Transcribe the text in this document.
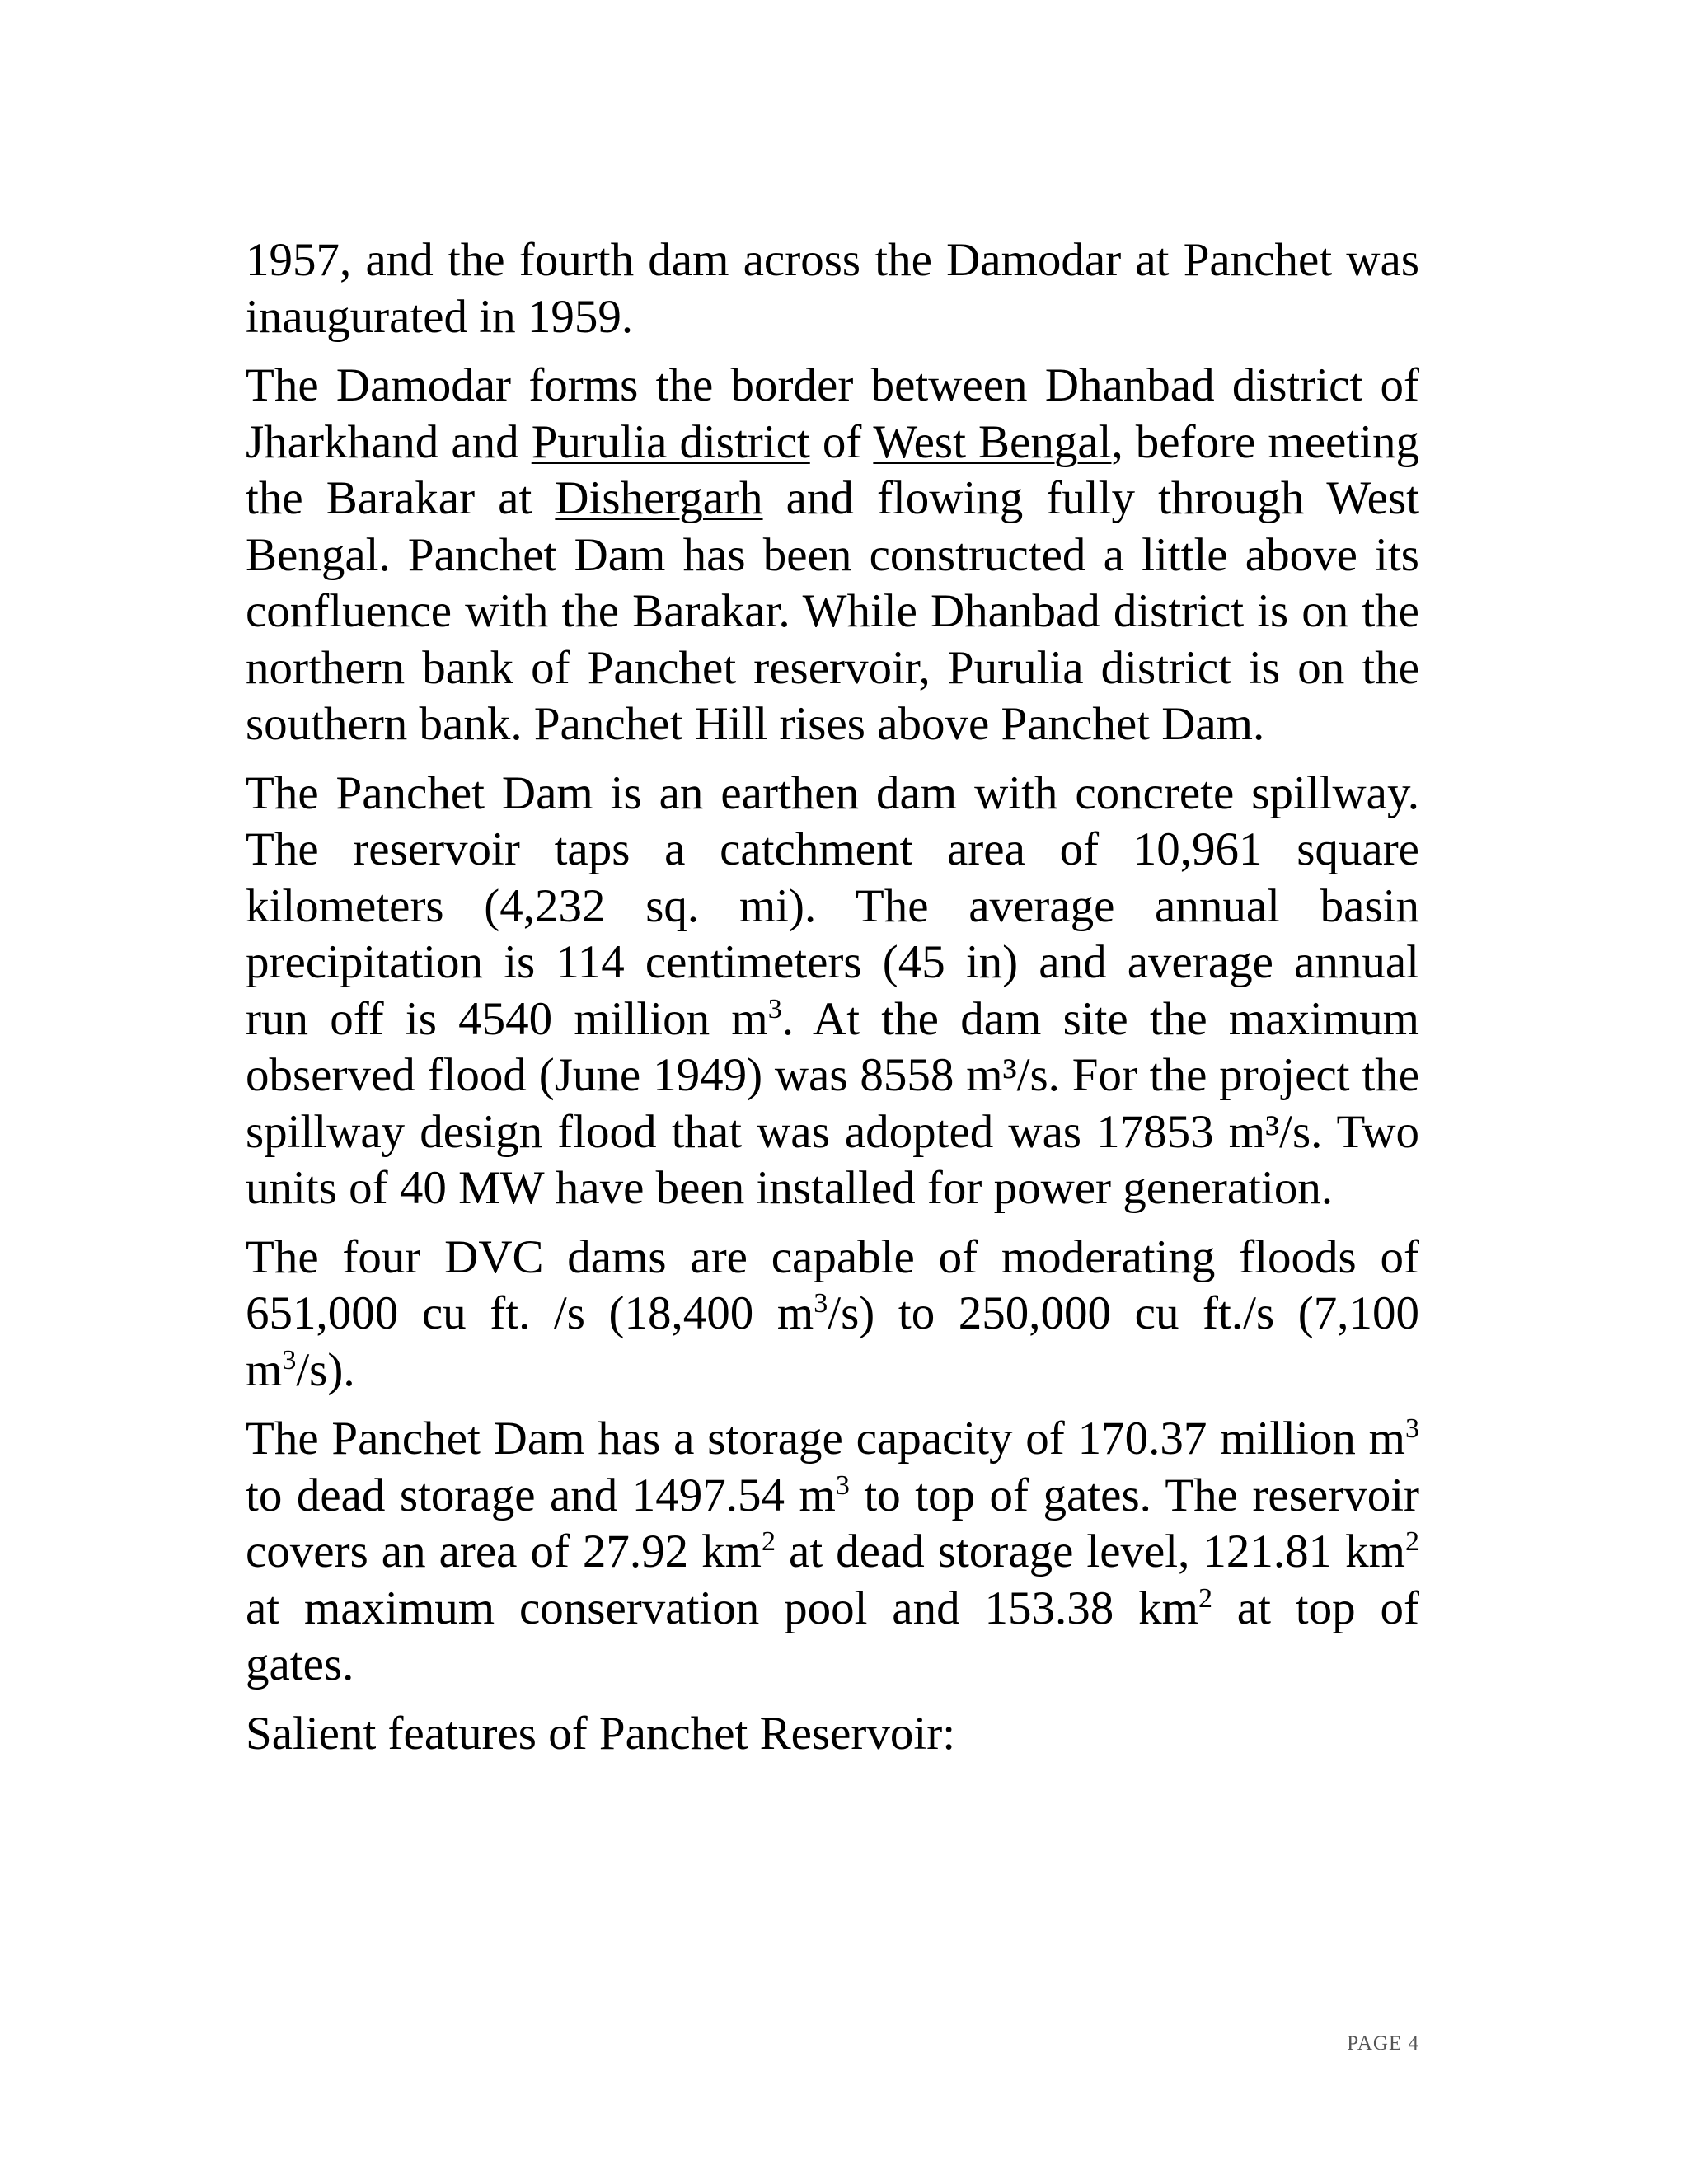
1957, and the fourth dam across the Damodar at Panchet was inaugurated in 1959.

The Damodar forms the border between Dhanbad district of Jharkhand and Purulia district of West Bengal, before meeting the Barakar at Dishergarh and flowing fully through West Bengal. Panchet Dam has been constructed a little above its confluence with the Barakar. While Dhanbad district is on the northern bank of Panchet reservoir, Purulia district is on the southern bank. Panchet Hill rises above Panchet Dam.

The Panchet Dam is an earthen dam with concrete spillway. The reservoir taps a catchment area of 10,961 square kilometers (4,232 sq. mi). The average annual basin precipitation is 114 centimeters (45 in) and average annual run off is 4540 million $m^3$. At the dam site the maximum observed flood (June 1949) was 8558 m³/s. For the project the spillway design flood that was adopted was 17853 m³/s. Two units of 40 MW have been installed for power generation.

The four DVC dams are capable of moderating floods of 651,000 cu ft. /s (18,400 $m^3/s$) to 250,000 cu ft./s (7,100 $m^3/s$).

The Panchet Dam has a storage capacity of 170.37 million $m^3$ to dead storage and 1497.54 $m^3$ to top of gates. The reservoir covers an area of 27.92 $km^2$ at dead storage level, 121.81 $km^2$ at maximum conservation pool and 153.38 $km^2$ at top of gates.

Salient features of Panchet Reservoir:

PAGE 4
